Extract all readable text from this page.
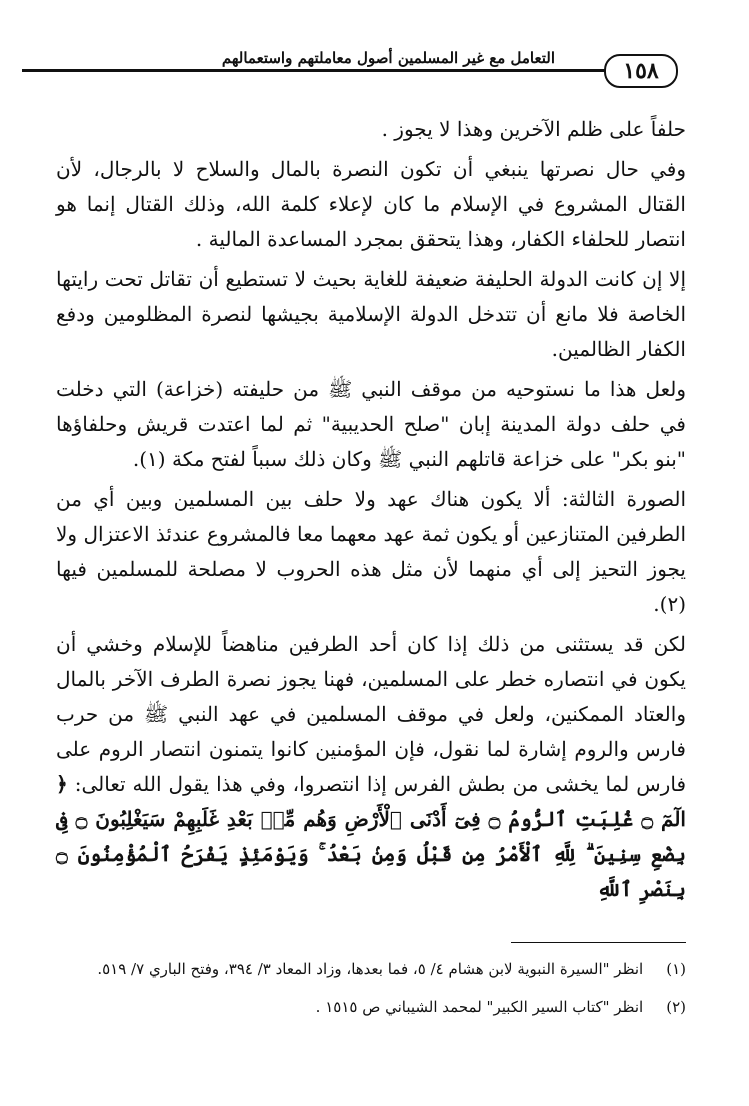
التعامل مع غير المسلمين أصول معاملتهم واستعمالهم	١٥٨

حلفاً على ظلم الآخرين وهذا لا يجوز .

وفي حال نصرتها ينبغي أن تكون النصرة بالمال والسلاح لا بالرجال، لأن القتال المشروع في الإسلام ما كان لإعلاء كلمة الله، وذلك القتال إنما هو انتصار للحلفاء الكفار، وهذا يتحقق بمجرد المساعدة المالية .

إلا إن كانت الدولة الحليفة ضعيفة للغاية بحيث لا تستطيع أن تقاتل تحت رايتها الخاصة فلا مانع أن تتدخل الدولة الإسلامية بجيشها لنصرة المظلومين ودفع الكفار الظالمين.

ولعل هذا ما نستوحيه من موقف النبي ﷺ من حليفته (خزاعة) التي دخلت في حلف دولة المدينة إبان "صلح الحديبية" ثم لما اعتدت قريش وحلفاؤها "بنو بكر" على خزاعة قاتلهم النبي ﷺ وكان ذلك سبباً لفتح مكة (١).

الصورة الثالثة: ألا يكون هناك عهد ولا حلف بين المسلمين وبين أي من الطرفين المتنازعين أو يكون ثمة عهد معهما معا فالمشروع عندئذ الاعتزال ولا يجوز التحيز إلى أي منهما لأن مثل هذه الحروب لا مصلحة للمسلمين فيها (٢).

لكن قد يستثنى من ذلك إذا كان أحد الطرفين مناهضاً للإسلام وخشي أن يكون في انتصاره خطر على المسلمين، فهنا يجوز نصرة الطرف الآخر بالمال والعتاد الممكنين، ولعل في موقف المسلمين في عهد النبي ﷺ من حرب فارس والروم إشارة لما نقول، فإن المؤمنين كانوا يتمنون انتصار الروم على فارس لما يخشى من بطش الفرس إذا انتصروا، وفي هذا يقول الله تعالى: ﴿ الٓمٓ ۝ غُلِبَتِ ٱلرُّومُ ۝ فِىٓ أَدْنَى ٱلْأَرْضِ وَهُم مِّنۢ بَعْدِ غَلَبِهِمْ سَيَغْلِبُونَ ۝ فِى بِضْعِ سِنِينَ ۗ لِلَّهِ ٱلْأَمْرُ مِن قَبْلُ وَمِنۢ بَعْدُ ۚ وَيَوْمَئِذٍ يَفْرَحُ ٱلْمُؤْمِنُونَ ۝ بِنَصْرِ ٱللَّهِ

(١) انظر "السيرة النبوية لابن هشام ٤/ ٥، فما بعدها، وزاد المعاد ٣/ ٣٩٤، وفتح الباري ٧/ ٥١٩.
(٢) انظر "كتاب السير الكبير" لمحمد الشيباني ص ١٥١٥ .
